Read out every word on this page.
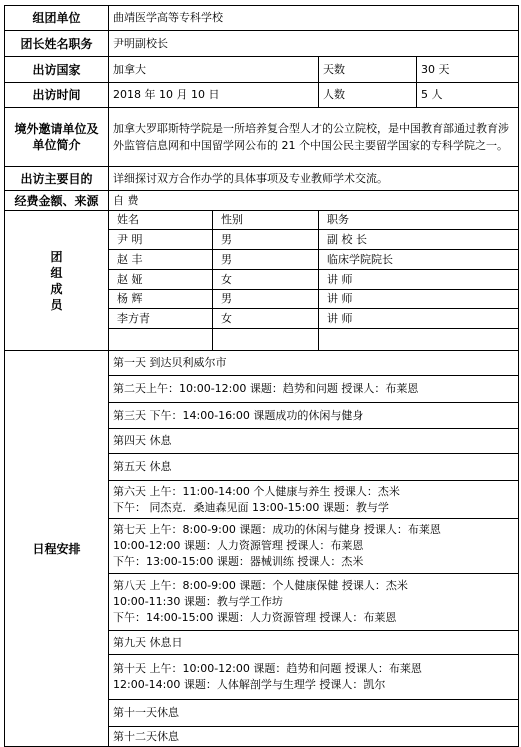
组团单位	曲靖医学高等专科学校			
团长姓名职务	尹明副校长			
出访国家	加拿大		天数	30 天
出访时间	2018 年 10 月 10 日		人数	5 人
境外邀请单位及单位简介	加拿大罗耶斯特学院是一所培养复合型人才的公立院校，是中国教育部通过教育涉外监管信息网和中国留学网公布的 21 个中国公民主要留学国家的专科学院之一。			

出访主要目的	详细探讨双方合作办学的具体事项及专业教师学术交流。			
经费金额、来源	自 费			

团
组
成
员	姓名	性别	职务	
	尹 明	男	副 校 长	
	赵 丰	男	临床学院院长	
	赵 娅	女	讲 师	
	杨 辉	男	讲 师	
	李方青	女	讲 师	

日程安排	第一天 到达贝利威尔市			

	第二天上午：10:00-12:00 课题：趋势和问题 授课人：布莱恩			

	第三天 下午：14:00-16:00 课题成功的休闲与健身			

	第四天 休息			

	第五天 休息			

	第六天 上午：11:00-14:00 个人健康与养生 授课人：杰米
下午： 同杰克．桑迪森见面 13:00-15:00 课题：教与学			

	第七天 上午：8:00-9:00 课题：成功的休闲与健身 授课人：布莱恩
10:00-12:00 课题：人力资源管理 授课人：布莱恩
下午：13:00-15:00 课题：器械训练 授课人：杰米			

	第八天 上午：8:00-9:00 课题：个人健康保健 授课人：杰米
10:00-11:30 课题：教与学工作坊
下午：14:00-15:00 课题：人力资源管理 授课人：布莱恩			

	第九天 休息日			

	第十天 上午：10:00-12:00 课题：趋势和问题 授课人：布莱恩
12:00-14:00 课题：人体解剖学与生理学 授课人：凯尔			

	第十一天休息			

	第十二天休息			
